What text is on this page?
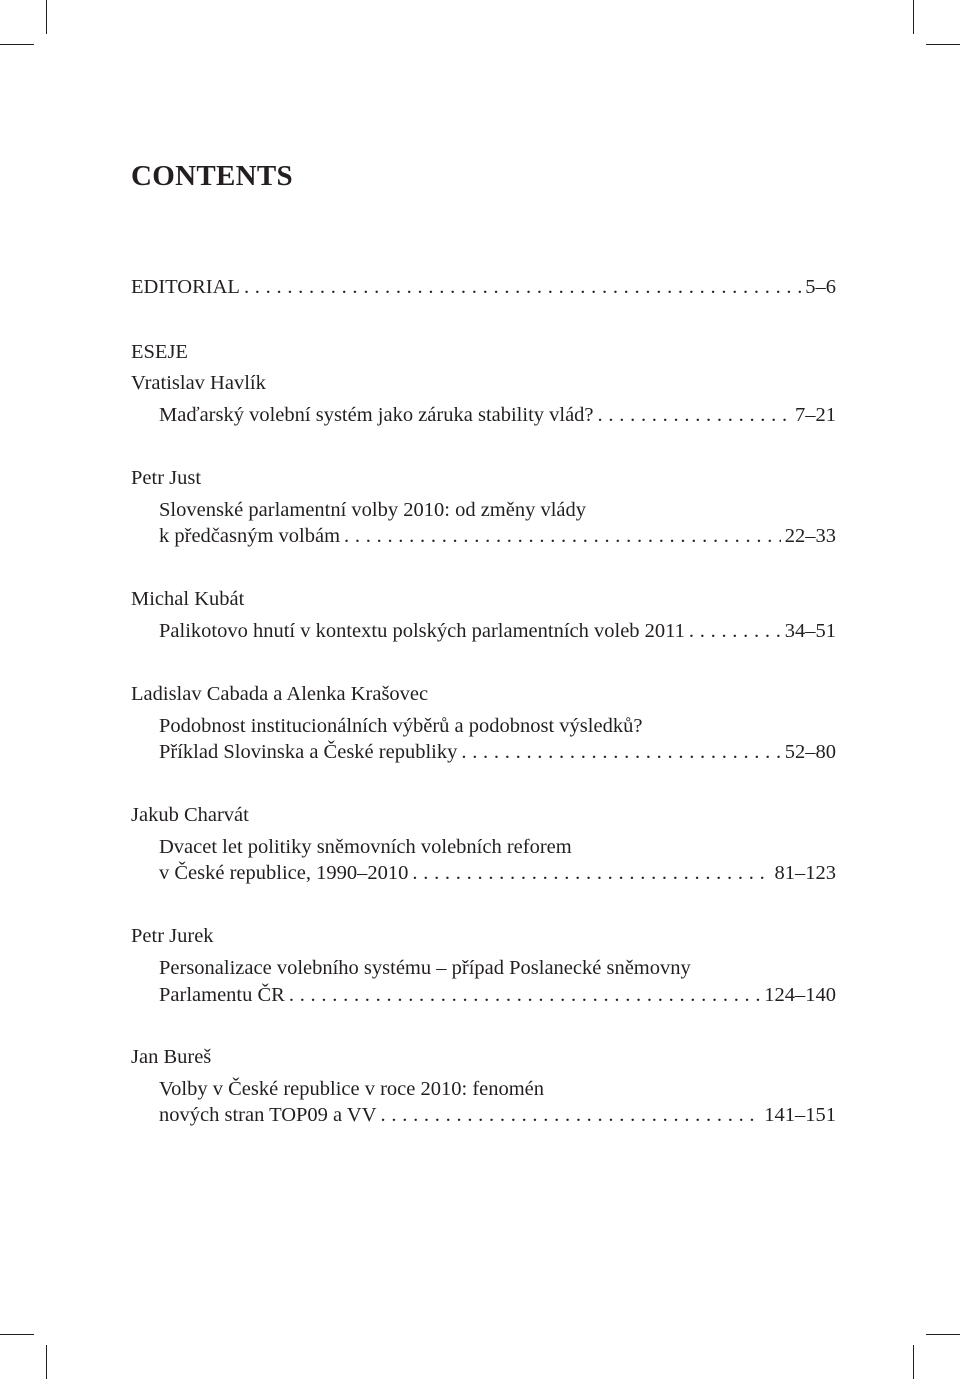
CONTENTS
EDITORIAL . . .	5–6
ESEJE
Vratislav Havlík
Maďarský volební systém jako záruka stability vlád? . . .	7–21
Petr Just
Slovenské parlamentní volby 2010: od změny vlády
k předčasným volbám . . .	22–33
Michal Kubát
Palikotovo hnutí v kontextu polských parlamentních voleb 2011 . . .	34–51
Ladislav Cabada a Alenka Krašovec
Podobnost institucionálních výběrů a podobnost výsledků?
Příklad Slovinska a České republiky . . .	52–80
Jakub Charvát
Dvacet let politiky sněmovních volebních reforem
v České republice, 1990–2010 . . .	81–123
Petr Jurek
Personalizace volebního systému – případ Poslanecké sněmovny
Parlamentu ČR . . .	124–140
Jan Bureš
Volby v České republice v roce 2010: fenomén
nových stran TOP09 a VV . . .	141–151
